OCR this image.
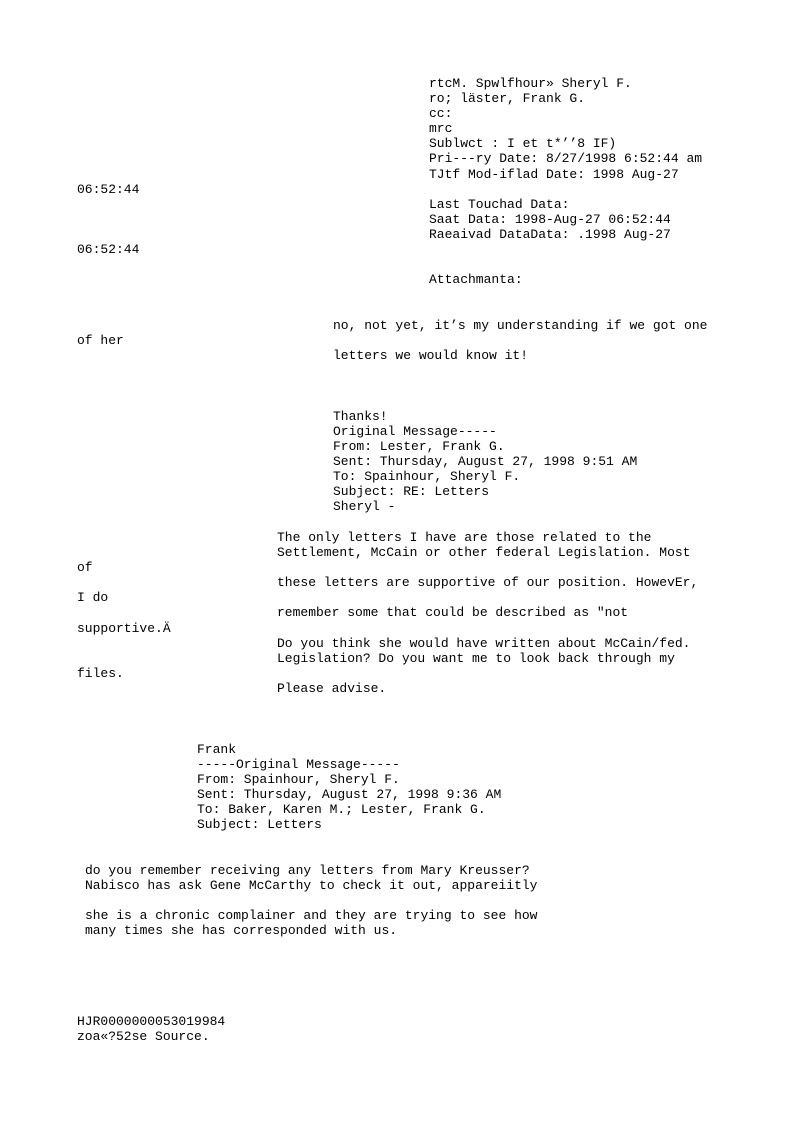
rtcM. Spwlfhour» Sheryl F.
ro; läster, Frank G.
cc:
mrc
Sublwct : I et t*’’8 IF)
Pri---ry Date: 8/27/1998 6:52:44 am
TJtf Mod-iflad Date: 1998 Aug-27
06:52:44
Last Touchad Data:
Saat Data: 1998-Aug-27 06:52:44
Raeaivad DataData: .1998 Aug-27
06:52:44
Attachmanta:
no, not yet, it’s my understanding if we got one
of her
letters we would know it!
Thanks!
Original Message-----
From: Lester, Frank G.
Sent: Thursday, August 27, 1998 9:51 AM
To: Spainhour, Sheryl F.
Subject: RE: Letters
Sheryl -
The only letters I have are those related to the
Settlement, McCain or other federal Legislation. Most
of
these letters are supportive of our position. HowevEr,
I do
remember some that could be described as "not
supportive.Ä
Do you think she would have written about McCain/fed.
Legislation? Do you want me to look back through my
files.
Please advise.
Frank
-----Original Message-----
From: Spainhour, Sheryl F.
Sent: Thursday, August 27, 1998 9:36 AM
To: Baker, Karen M.; Lester, Frank G.
Subject: Letters
do you remember receiving any letters from Mary Kreusser?
Nabisco has ask Gene McCarthy to check it out, appareiitly
she is a chronic complainer and they are trying to see how
many times she has corresponded with us.
HJR0000000053019984
zoa«?52se Source.
